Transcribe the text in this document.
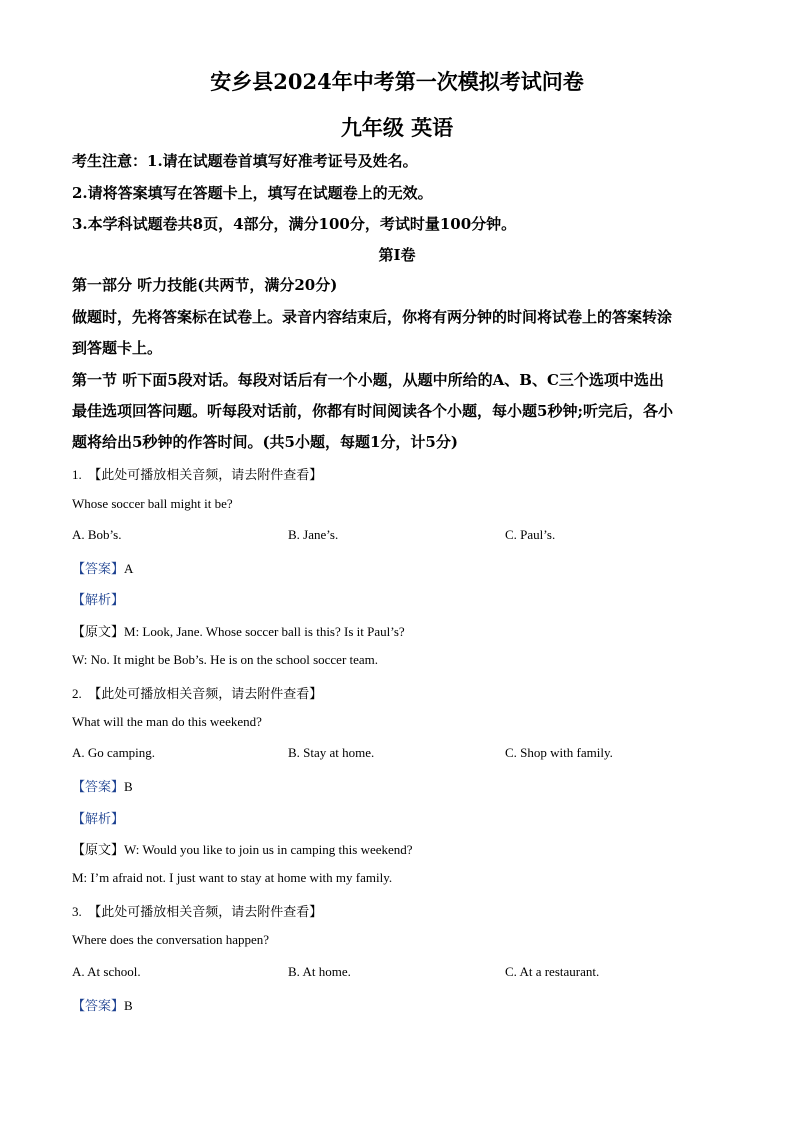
安乡县2024年中考第一次模拟考试问卷
九年级 英语
考生注意：1.请在试题卷首填写好准考证号及姓名。
2.请将答案填写在答题卡上，填写在试题卷上的无效。
3.本学科试题卷共8页，4部分，满分100分，考试时量100分钟。
第Ⅰ卷
第一部分 听力技能(共两节，满分20分)
做题时，先将答案标在试卷上。录音内容结束后，你将有两分钟的时间将试卷上的答案转涂
到答题卡上。
第一节 听下面5段对话。每段对话后有一个小题，从题中所给的A、B、C三个选项中选出
最佳选项回答问题。听每段对话前，你都有时间阅读各个小题，每小题5秒钟;听完后，各小
题将给出5秒钟的作答时间。(共5小题，每题1分，计5分)
1. 【此处可播放相关音频，请去附件查看】
Whose soccer ball might it be?
A. Bob’s.	B. Jane’s.	C. Paul’s.
【答案】A
【解析】
【原文】M: Look, Jane. Whose soccer ball is this? Is it Paul’s?
W: No. It might be Bob’s. He is on the school soccer team.
2. 【此处可播放相关音频，请去附件查看】
What will the man do this weekend?
A. Go camping.	B. Stay at home.	C. Shop with family.
【答案】B
【解析】
【原文】W: Would you like to join us in camping this weekend?
M: I’m afraid not. I just want to stay at home with my family.
3. 【此处可播放相关音频，请去附件查看】
Where does the conversation happen?
A. At school.	B. At home.	C. At a restaurant.
【答案】B
